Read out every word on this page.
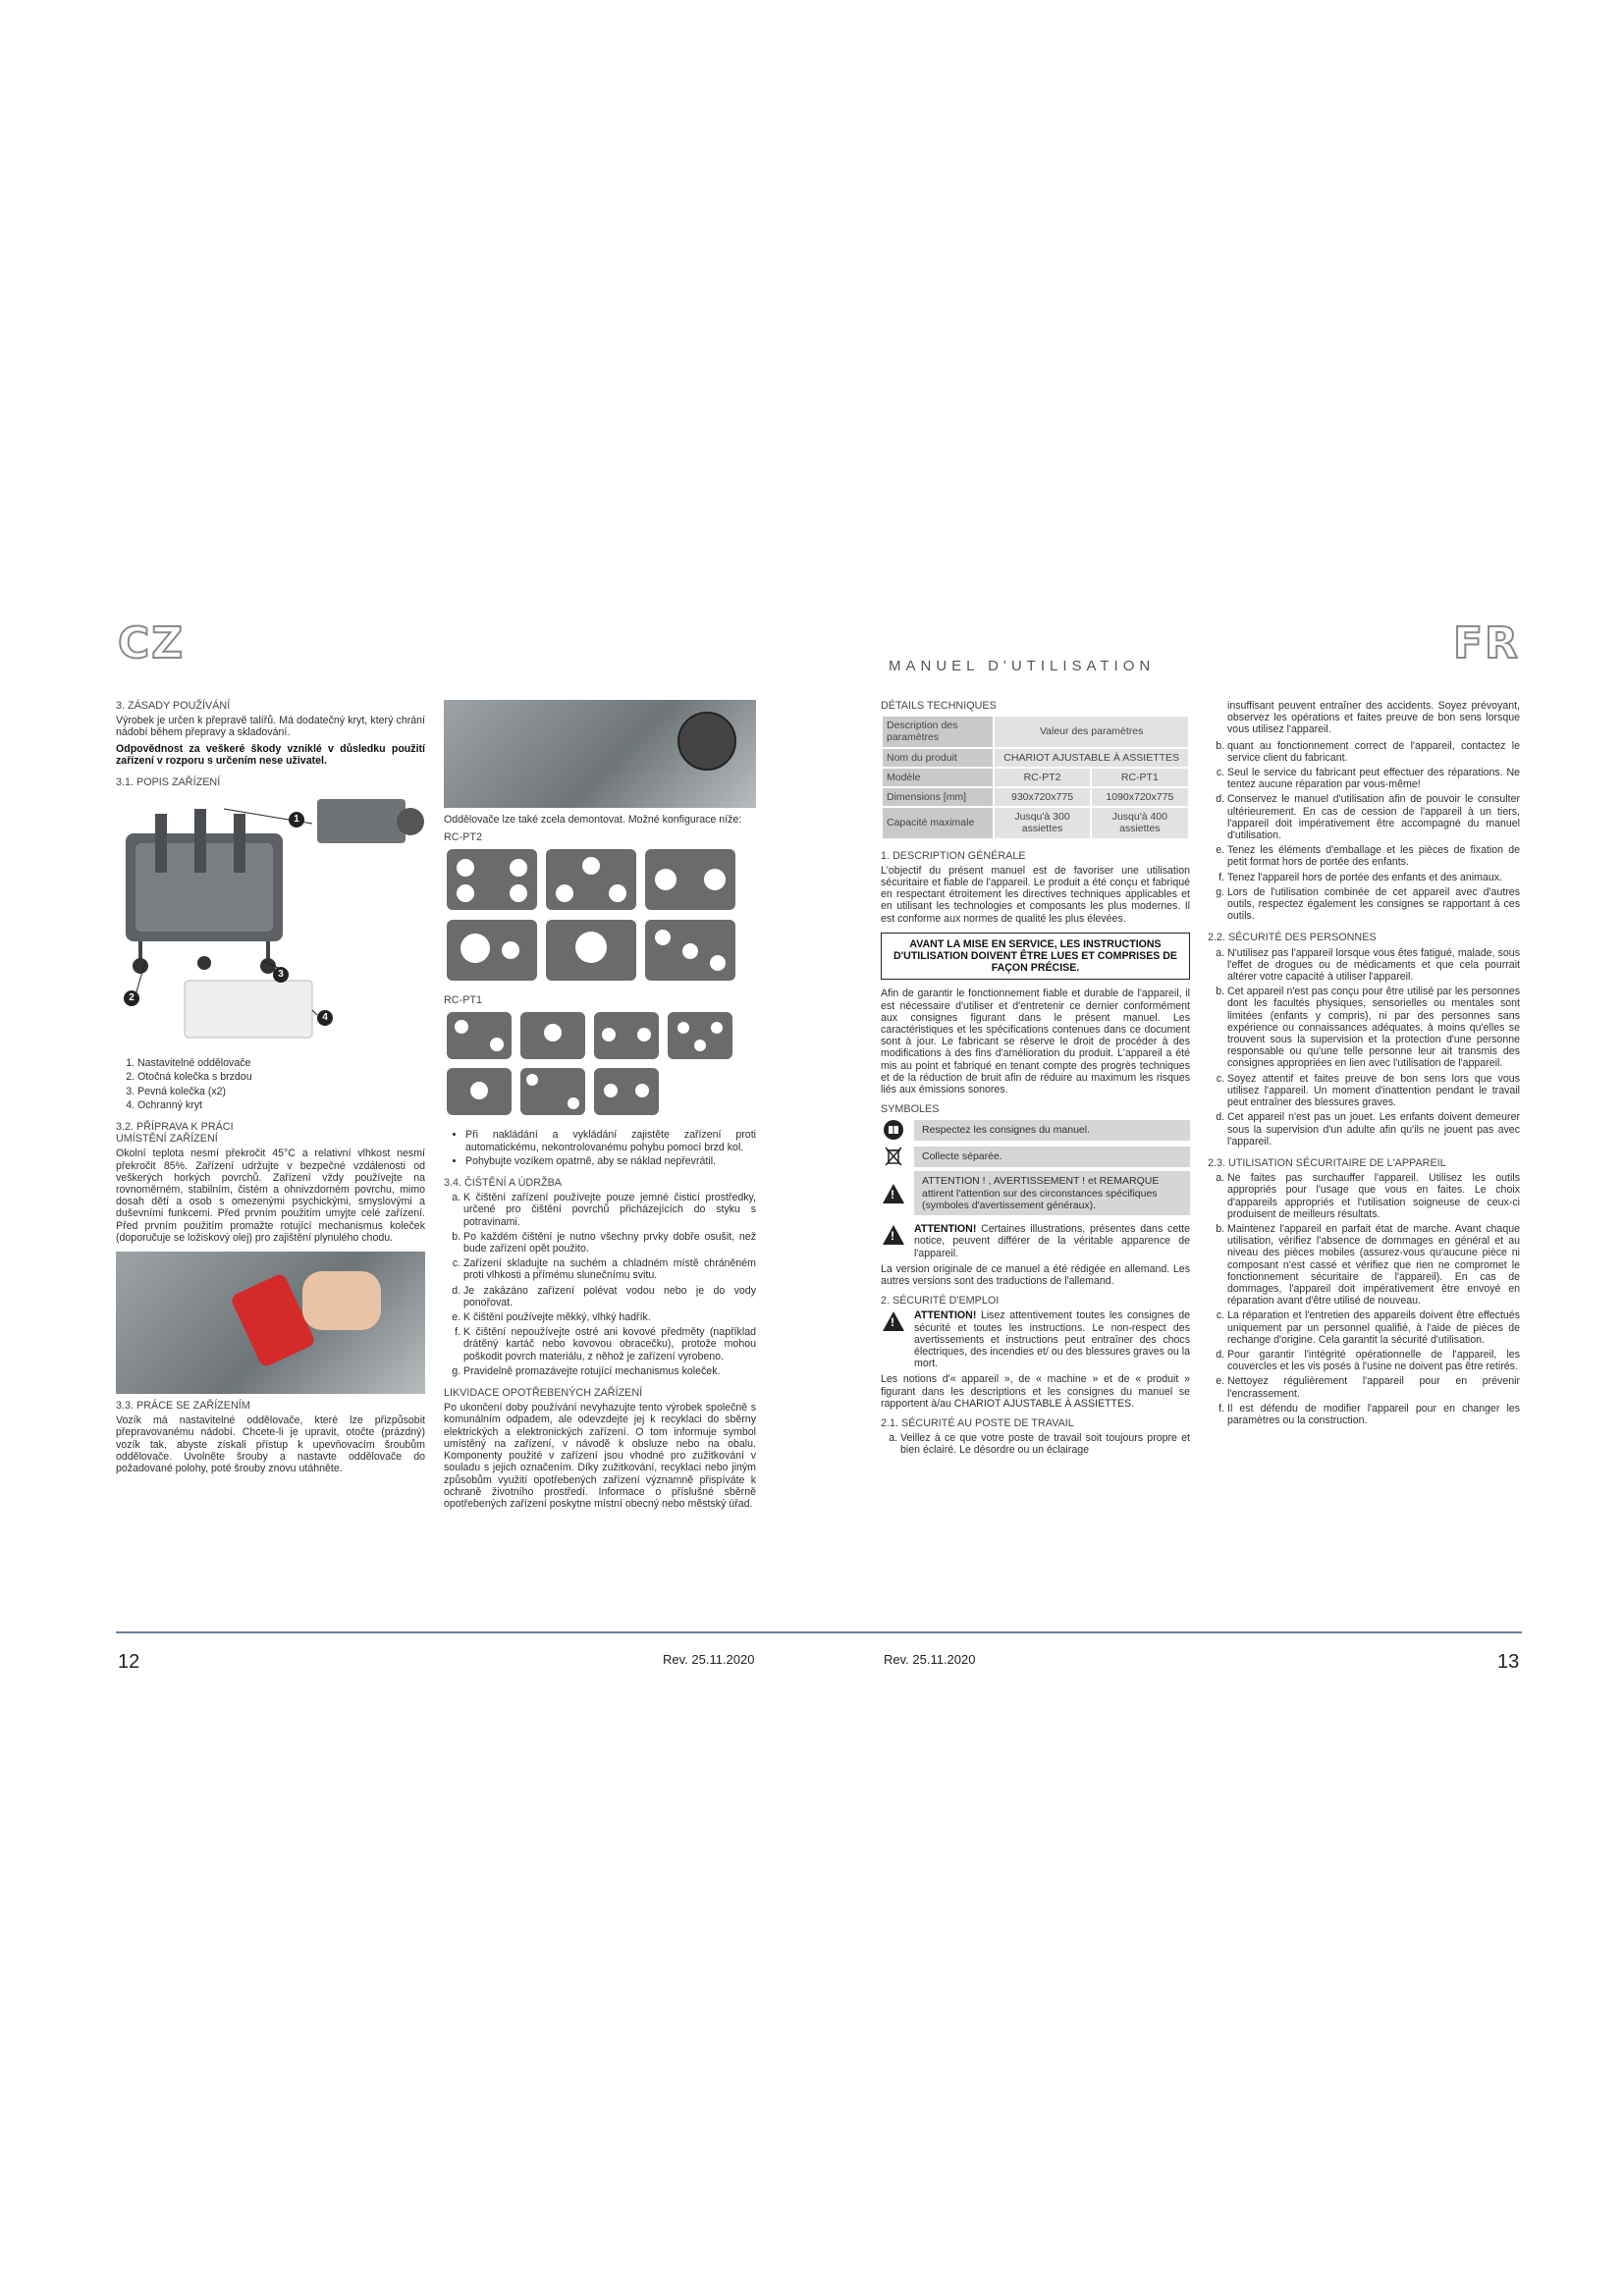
CZ	MANUEL D'UTILISATION	FR
3. ZÁSADY POUŽÍVÁNÍ

Výrobek je určen k přepravě talířů. Má dodatečný kryt, který chrání nádobí během přepravy a skladování.

Odpovědnost za veškeré škody vzniklé v důsledku použití zařízení v rozporu s určením nese uživatel.

3.1. POPIS ZAŘÍZENÍ
1
2
3
4
1. Nastavitelné oddělovače
2. Otočná kolečka s brzdou
3. Pevná kolečka (x2)
4. Ochranný kryt
3.2. PŘÍPRAVA K PRÁCI
UMÍSTĚNÍ ZAŘÍZENÍ

Okolní teplota nesmí překročit 45°C a relativní vlhkost nesmí překročit 85%. Zařízení udržujte v bezpečné vzdálenosti od veškerých horkých povrchů. Zařízení vždy používejte na rovnoměrném, stabilním, čistém a ohnivzdorném povrchu, mimo dosah dětí a osob s omezenými psychickými, smyslovými a duševními funkcemi. Před prvním použitím umyjte celé zařízení. Před prvním použitím promažte rotující mechanismus koleček (doporučuje se ložiskový olej) pro zajištění plynulého chodu.

3.3. PRÁCE SE ZAŘÍZENÍM

Vozík má nastavitelné oddělovače, které lze přizpůsobit přepravovanému nádobí. Chcete-li je upravit, otočte (prázdný) vozík tak, abyste získali přístup k upevňovacím šroubům oddělovače. Uvolněte šrouby a nastavte oddělovače do požadované polohy, poté šrouby znovu utáhněte.

Oddělovače lze také zcela demontovat. Možné konfigurace níže:

RC-PT2

RC-PT1

• Při nakládání a vykládání zajistěte zařízení proti automatickému, nekontrolovanému pohybu pomocí brzd kol.
• Pohybujte vozíkem opatrně, aby se náklad nepřevrátil.
3.4. ČIŠTĚNÍ A ÚDRŽBA
a. K čištění zařízení používejte pouze jemné čisticí prostředky, určené pro čištění povrchů přicházejících do styku s potravinami.
b. Po každém čištění je nutno všechny prvky dobře osušit, než bude zařízení opět použito.
c. Zařízení skladujte na suchém a chladném místě chráněném proti vlhkosti a přímému slunečnímu svitu.
d. Je zakázáno zařízení polévat vodou nebo je do vody ponořovat.
e. K čištění používejte měkký, vlhký hadřík.
f. K čištění nepoužívejte ostré ani kovové předměty (například drátěný kartáč nebo kovovou obracečku), protože mohou poškodit povrch materiálu, z něhož je zařízení vyrobeno.
g. Pravidelně promazávejte rotující mechanismus koleček.
LIKVIDACE OPOTŘEBENÝCH ZAŘÍZENÍ

Po ukončení doby používání nevyhazujte tento výrobek společně s komunálním odpadem, ale odevzdejte jej k recyklaci do sběrny elektrických a elektronických zařízení. O tom informuje symbol umístěný na zařízení, v návodě k obsluze nebo na obalu. Komponenty použité v zařízení jsou vhodné pro zužitkování v souladu s jejich označením. Díky zužitkování, recyklaci nebo jiným způsobům využití opotřebených zařízení významně přispíváte k ochraně životního prostředí. Informace o příslušné sběrně opotřebených zařízení poskytne místní obecný nebo městský úřad.

DÉTAILS TECHNIQUES
Description des paramètres	Valeur des paramètres	
Nom du produit	CHARIOT AJUSTABLE À ASSIETTES	
Modèle	RC-PT2	RC-PT1
Dimensions [mm]	930x720x775	1090x720x775
Capacité maximale	Jusqu'à 300 assiettes	Jusqu'à 400 assiettes
1. DESCRIPTION GÉNÉRALE

L'objectif du présent manuel est de favoriser une utilisation sécuritaire et fiable de l'appareil. Le produit a été conçu et fabriqué en respectant étroitement les directives techniques applicables et en utilisant les technologies et composants les plus modernes. Il est conforme aux normes de qualité les plus élevées.

AVANT LA MISE EN SERVICE, LES INSTRUCTIONS D'UTILISATION DOIVENT ÊTRE LUES ET COMPRISES DE FAÇON PRÉCISE.

Afin de garantir le fonctionnement fiable et durable de l'appareil, il est nécessaire d'utiliser et d'entretenir ce dernier conformément aux consignes figurant dans le présent manuel. Les caractéristiques et les spécifications contenues dans ce document sont à jour. Le fabricant se réserve le droit de procéder à des modifications à des fins d'amélioration du produit. L'appareil a été mis au point et fabriqué en tenant compte des progrès techniques et de la réduction de bruit afin de réduire au maximum les risques liés aux émissions sonores.

SYMBOLES
Respectez les consignes du manuel.
Collecte séparée.
!
ATTENTION ! , AVERTISSEMENT ! et REMARQUE attirent l'attention sur des circonstances spécifiques (symboles d'avertissement généraux).
!

ATTENTION! Certaines illustrations, présentes dans cette notice, peuvent différer de la véritable apparence de l'appareil.

La version originale de ce manuel a été rédigée en allemand. Les autres versions sont des traductions de l'allemand.

2. SÉCURITÉ D'EMPLOI
!

ATTENTION! Lisez attentivement toutes les consignes de sécurité et toutes les instructions. Le non-respect des avertissements et instructions peut entraîner des chocs électriques, des incendies et/ ou des blessures graves ou la mort.

Les notions d'« appareil », de « machine » et de « produit » figurant dans les descriptions et les consignes du manuel se rapportent à/au CHARIOT AJUSTABLE À ASSIETTES.

2.1. SÉCURITÉ AU POSTE DE TRAVAIL
a. Veillez à ce que votre poste de travail soit toujours propre et bien éclairé. Le désordre ou un éclairage

insuffisant peuvent entraîner des accidents. Soyez prévoyant, observez les opérations et faites preuve de bon sens lorsque vous utilisez l'appareil.

b. quant au fonctionnement correct de l'appareil, contactez le service client du fabricant.
c. Seul le service du fabricant peut effectuer des réparations. Ne tentez aucune réparation par vous-même!
d. Conservez le manuel d'utilisation afin de pouvoir le consulter ultérieurement. En cas de cession de l'appareil à un tiers, l'appareil doit impérativement être accompagné du manuel d'utilisation.
e. Tenez les éléments d'emballage et les pièces de fixation de petit format hors de portée des enfants.
f. Tenez l'appareil hors de portée des enfants et des animaux.
g. Lors de l'utilisation combinée de cet appareil avec d'autres outils, respectez également les consignes se rapportant à ces outils.
2.2. SÉCURITÉ DES PERSONNES
a. N'utilisez pas l'appareil lorsque vous êtes fatigué, malade, sous l'effet de drogues ou de médicaments et que cela pourrait altérer votre capacité à utiliser l'appareil.
b. Cet appareil n'est pas conçu pour être utilisé par les personnes dont les facultés physiques, sensorielles ou mentales sont limitées (enfants y compris), ni par des personnes sans expérience ou connaissances adéquates, à moins qu'elles se trouvent sous la supervision et la protection d'une personne responsable ou qu'une telle personne leur ait transmis des consignes appropriées en lien avec l'utilisation de l'appareil.
c. Soyez attentif et faites preuve de bon sens lors que vous utilisez l'appareil. Un moment d'inattention pendant le travail peut entraîner des blessures graves.
d. Cet appareil n'est pas un jouet. Les enfants doivent demeurer sous la supervision d'un adulte afin qu'ils ne jouent pas avec l'appareil.
2.3. UTILISATION SÉCURITAIRE DE L'APPAREIL
a. Ne faites pas surchauffer l'appareil. Utilisez les outils appropriés pour l'usage que vous en faites. Le choix d'appareils appropriés et l'utilisation soigneuse de ceux-ci produisent de meilleurs résultats.
b. Maintenez l'appareil en parfait état de marche. Avant chaque utilisation, vérifiez l'absence de dommages en général et au niveau des pièces mobiles (assurez-vous qu'aucune pièce ni composant n'est cassé et vérifiez que rien ne compromet le fonctionnement sécuritaire de l'appareil). En cas de dommages, l'appareil doit impérativement être envoyé en réparation avant d'être utilisé de nouveau.
c. La réparation et l'entretien des appareils doivent être effectués uniquement par un personnel qualifié, à l'aide de pièces de rechange d'origine. Cela garantit la sécurité d'utilisation.
d. Pour garantir l'intégrité opérationnelle de l'appareil, les couvercles et les vis posés à l'usine ne doivent pas être retirés.
e. Nettoyez régulièrement l'appareil pour en prévenir l'encrassement.
f. Il est défendu de modifier l'appareil pour en changer les paramètres ou la construction.
12	Rev. 25.11.2020	Rev. 25.11.2020	13
